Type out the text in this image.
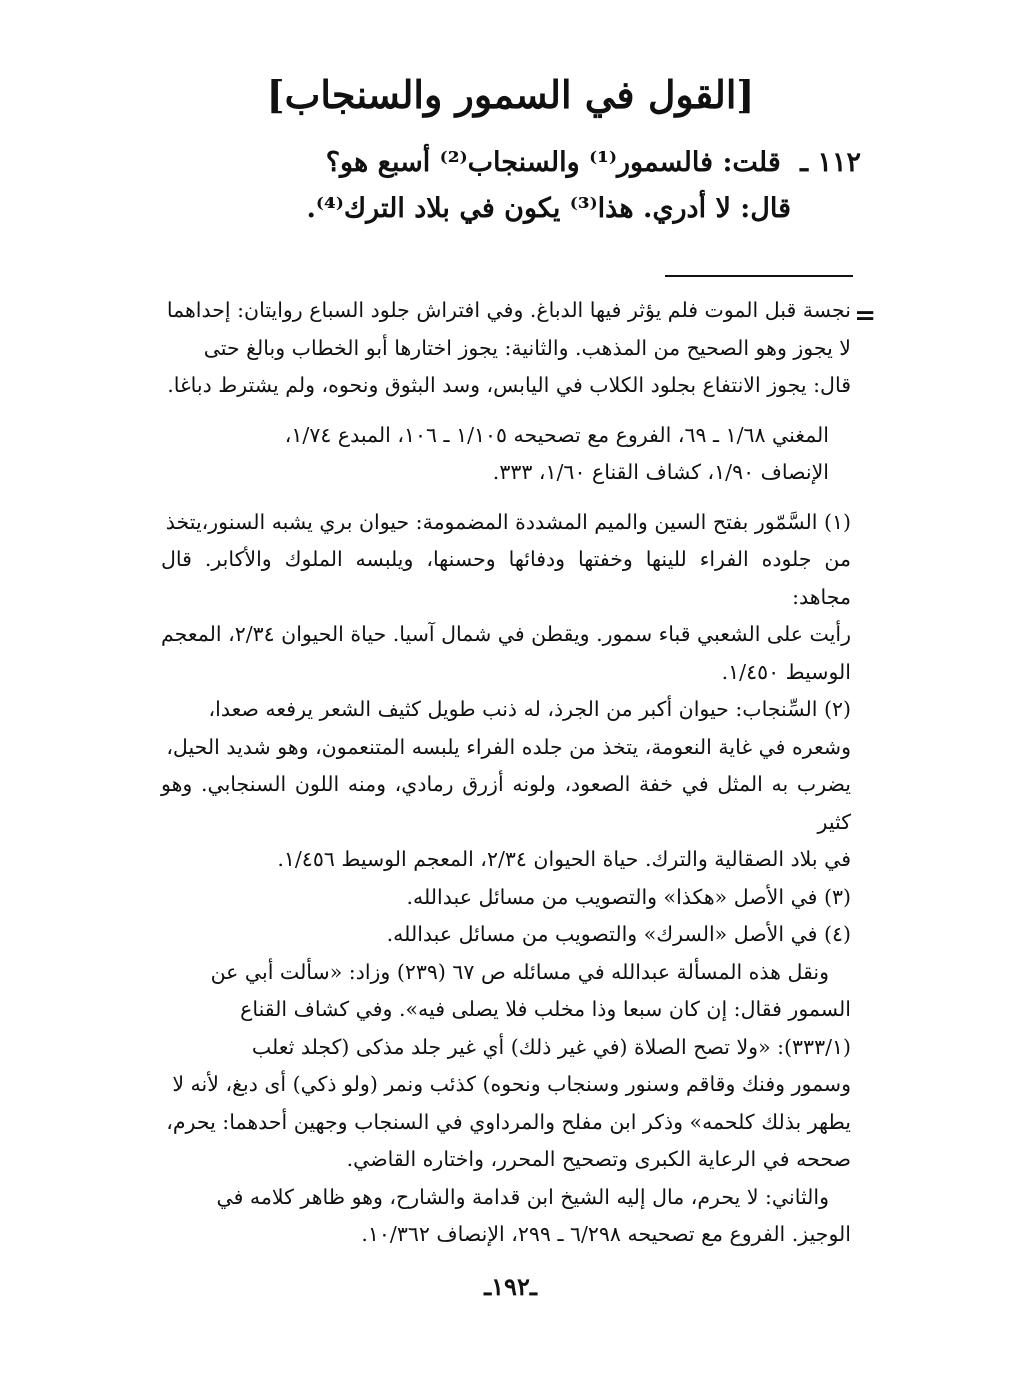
[القول في السمور والسنجاب]
١١٢ ـ قلت: فالسمور⁽¹⁾ والسنجاب⁽²⁾ أسبع هو؟
قال: لا أدري. هذا⁽³⁾ يكون في بلاد الترك⁽⁴⁾.
=

نجسة قبل الموت فلم يؤثر فيها الدباغ. وفي افتراش جلود السباع روايتان: إحداهما

لا يجوز وهو الصحيح من المذهب. والثانية: يجوز اختارها أبو الخطاب وبالغ حتى

قال: يجوز الانتفاع بجلود الكلاب في اليابس، وسد البثوق ونحوه، ولم يشترط دباغا.

المغني ١/٦٨ ـ ٦٩، الفروع مع تصحيحه ١/١٠٥ ـ ١٠٦، المبدع ١/٧٤،

الإنصاف ١/٩٠، كشاف القناع ١/٦٠، ٣٣٣.

(١) السَّمّور بفتح السين والميم المشددة المضمومة: حيوان بري يشبه السنور،يتخذ

من جلوده الفراء للينها وخفتها ودفائها وحسنها، ويلبسه الملوك والأكابر. قال مجاهد:

رأيت على الشعبي قباء سمور. ويقطن في شمال آسيا. حياة الحيوان ٢/٣٤، المعجم

الوسيط ١/٤٥٠.

(٢) السِّنجاب: حيوان أكبر من الجرذ، له ذنب طويل كثيف الشعر يرفعه صعدا،

وشعره في غاية النعومة، يتخذ من جلده الفراء يلبسه المتنعمون، وهو شديد الحيل،

يضرب به المثل في خفة الصعود، ولونه أزرق رمادي، ومنه اللون السنجابي. وهو كثير

في بلاد الصقالية والترك. حياة الحيوان ٢/٣٤، المعجم الوسيط ١/٤٥٦.

(٣) في الأصل «هكذا» والتصويب من مسائل عبدالله.

(٤) في الأصل «السرك» والتصويب من مسائل عبدالله.

ونقل هذه المسألة عبدالله في مسائله ص ٦٧ (٢٣٩) وزاد: «سألت أبي عن

السمور فقال: إن كان سبعا وذا مخلب فلا يصلى فيه». وفي كشاف القناع

(٣٣٣/١): «ولا تصح الصلاة (في غير ذلك) أي غير جلد مذكى (كجلد ثعلب

وسمور وفنك وقاقم وسنور وسنجاب ونحوه) كذئب ونمر (ولو ذكي) أى دبغ، لأنه لا

يطهر بذلك كلحمه» وذكر ابن مفلح والمرداوي في السنجاب وجهين أحدهما: يحرم،

صححه في الرعاية الكبرى وتصحيح المحرر، واختاره القاضي.

والثاني: لا يحرم، مال إليه الشيخ ابن قدامة والشارح، وهو ظاهر كلامه في

الوجيز. الفروع مع تصحيحه ٦/٢٩٨ ـ ٢٩٩، الإنصاف ١٠/٣٦٢.

ـ١٩٢ـ
